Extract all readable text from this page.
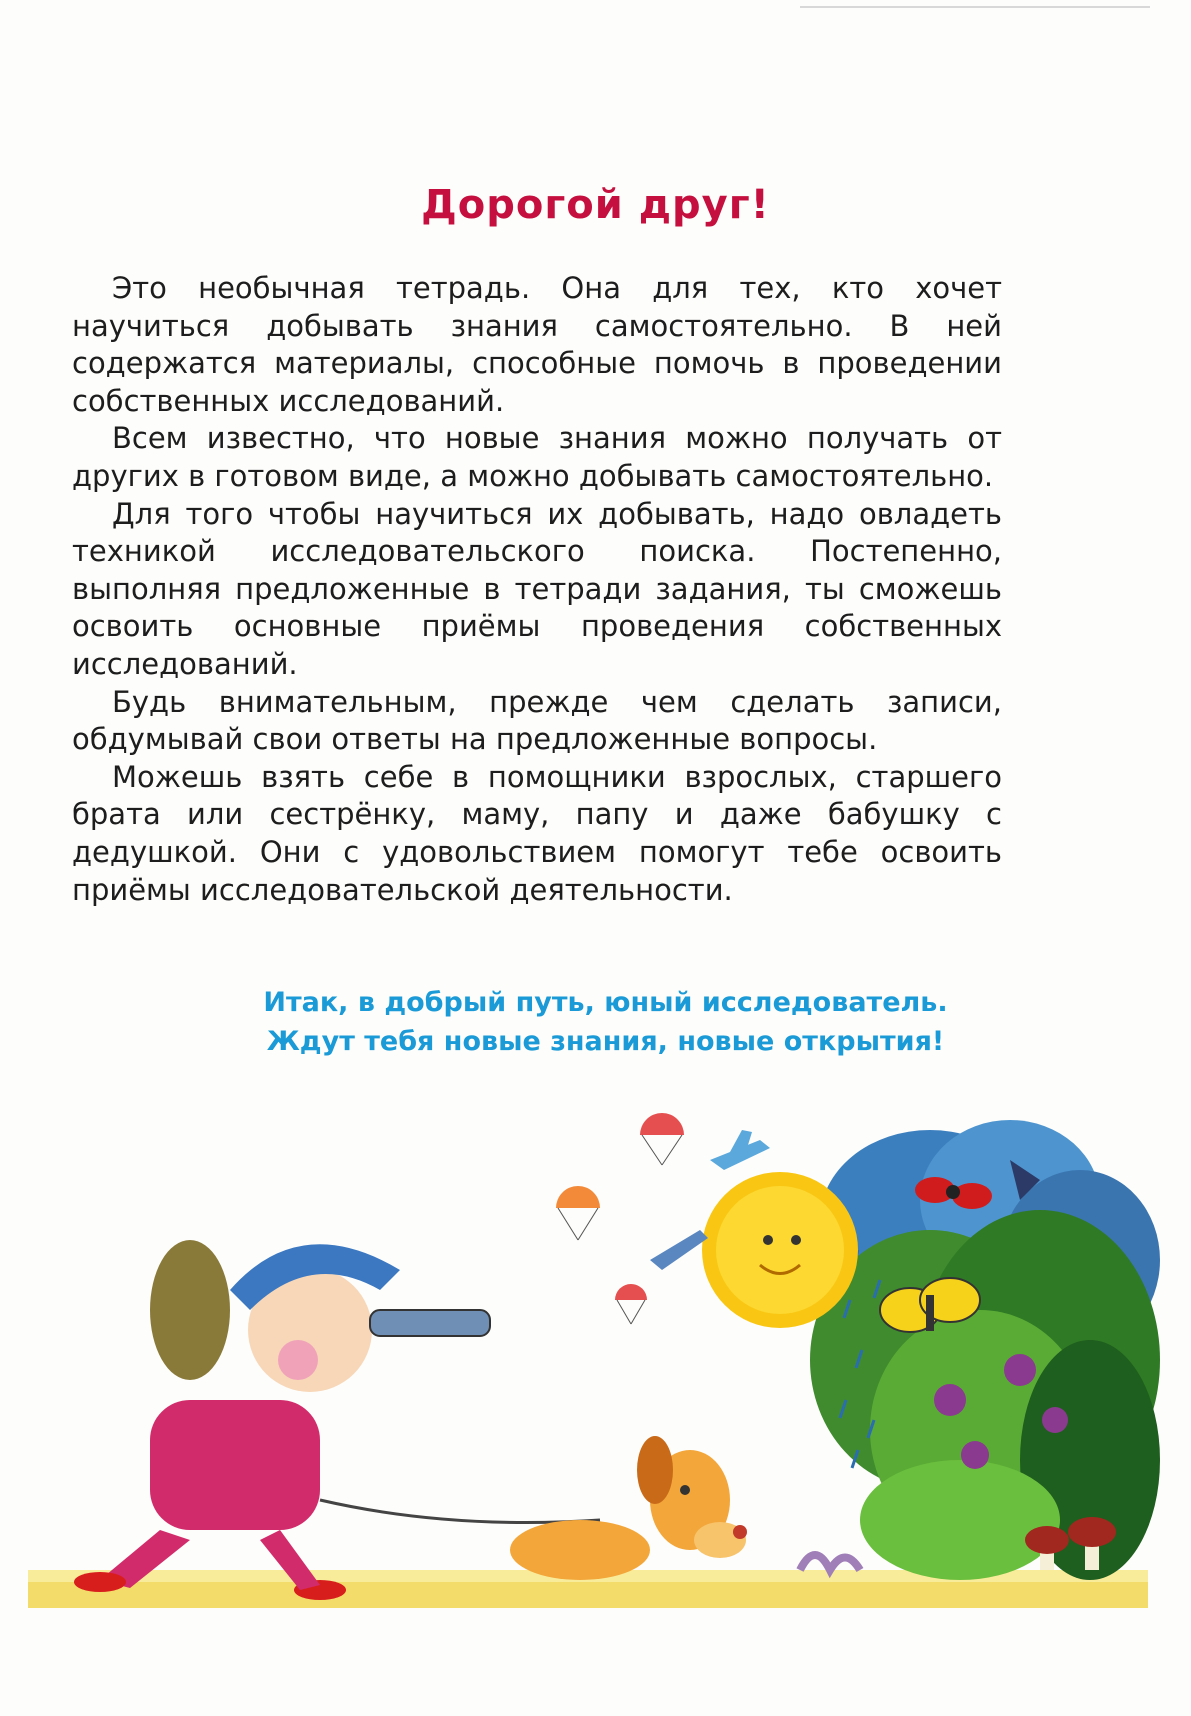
Дорогой друг!

Это необычная тетрадь. Она для тех, кто хочет научиться добывать знания самостоятельно. В ней содержатся материалы, способные помочь в проведении собственных исследований.

Всем известно, что новые знания можно получать от других в готовом виде, а можно добывать самостоятельно.

Для того чтобы научиться их добывать, надо овладеть техникой исследовательского поиска. Постепенно, выполняя предложенные в тетради задания, ты сможешь освоить основные приёмы проведения собственных исследований.

Будь внимательным, прежде чем сделать записи, обдумывай свои ответы на предложенные вопросы.

Можешь взять себе в помощники взрослых, старшего брата или сестрёнку, маму, папу и даже бабушку с дедушкой. Они с удовольствием помогут тебе освоить приёмы исследовательской деятельности.

Итак, в добрый путь, юный исследователь.
Ждут тебя новые знания, новые открытия!
